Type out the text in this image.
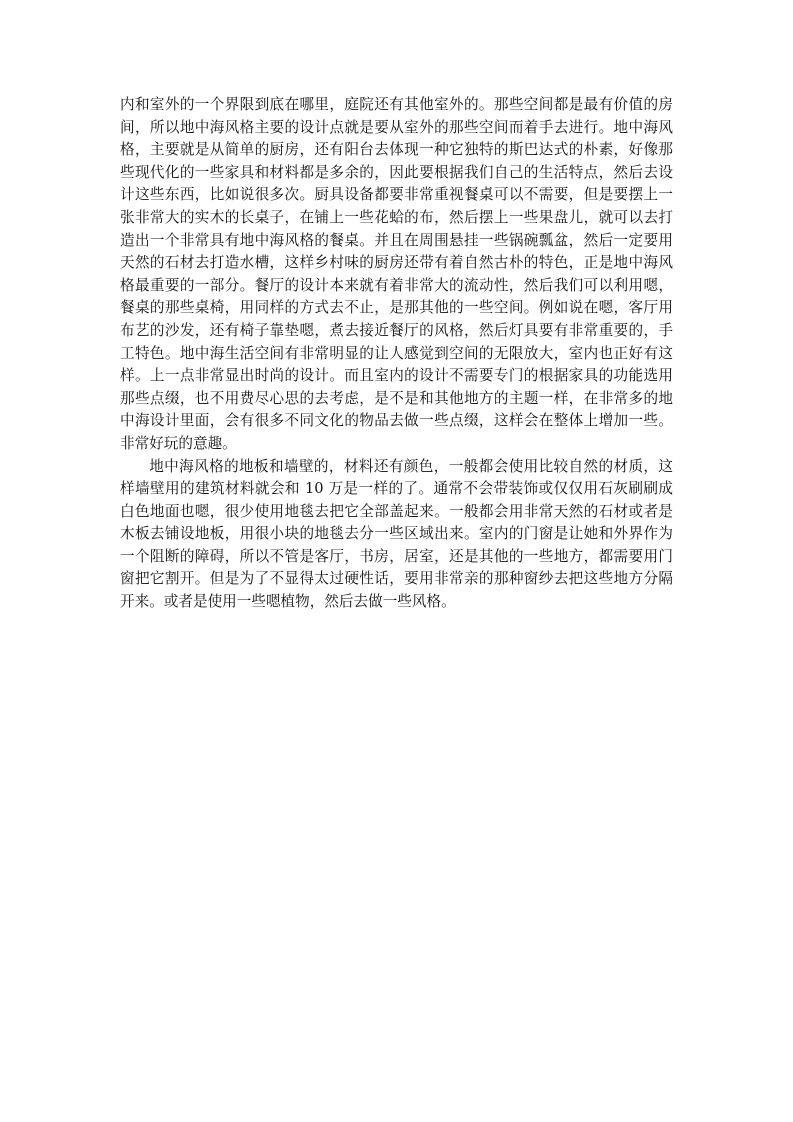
内和室外的一个界限到底在哪里，庭院还有其他室外的。那些空间都是最有价值的房间，所以地中海风格主要的设计点就是要从室外的那些空间而着手去进行。地中海风格，主要就是从简单的厨房，还有阳台去体现一种它独特的斯巴达式的朴素，好像那些现代化的一些家具和材料都是多余的，因此要根据我们自己的生活特点，然后去设计这些东西，比如说很多次。厨具设备都要非常重视餐桌可以不需要，但是要摆上一张非常大的实木的长桌子，在铺上一些花蛤的布，然后摆上一些果盘儿，就可以去打造出一个非常具有地中海风格的餐桌。并且在周围悬挂一些锅碗瓢盆，然后一定要用天然的石材去打造水槽，这样乡村味的厨房还带有着自然古朴的特色，正是地中海风格最重要的一部分。餐厅的设计本来就有着非常大的流动性，然后我们可以利用嗯，餐桌的那些桌椅，用同样的方式去不止，是那其他的一些空间。例如说在嗯，客厅用布艺的沙发，还有椅子靠垫嗯，煮去接近餐厅的风格，然后灯具要有非常重要的，手工特色。地中海生活空间有非常明显的让人感觉到空间的无限放大，室内也正好有这样。上一点非常显出时尚的设计。而且室内的设计不需要专门的根据家具的功能选用那些点缀，也不用费尽心思的去考虑，是不是和其他地方的主题一样，在非常多的地中海设计里面，会有很多不同文化的物品去做一些点缀，这样会在整体上增加一些。非常好玩的意趣。

地中海风格的地板和墙壁的，材料还有颜色，一般都会使用比较自然的材质，这样墙壁用的建筑材料就会和 10 万是一样的了。通常不会带装饰或仅仅用石灰刷刷成白色地面也嗯，很少使用地毯去把它全部盖起来。一般都会用非常天然的石材或者是木板去铺设地板，用很小块的地毯去分一些区域出来。室内的门窗是让她和外界作为一个阻断的障碍，所以不管是客厅，书房，居室，还是其他的一些地方，都需要用门窗把它割开。但是为了不显得太过硬性话，要用非常亲的那种窗纱去把这些地方分隔开来。或者是使用一些嗯植物，然后去做一些风格。
